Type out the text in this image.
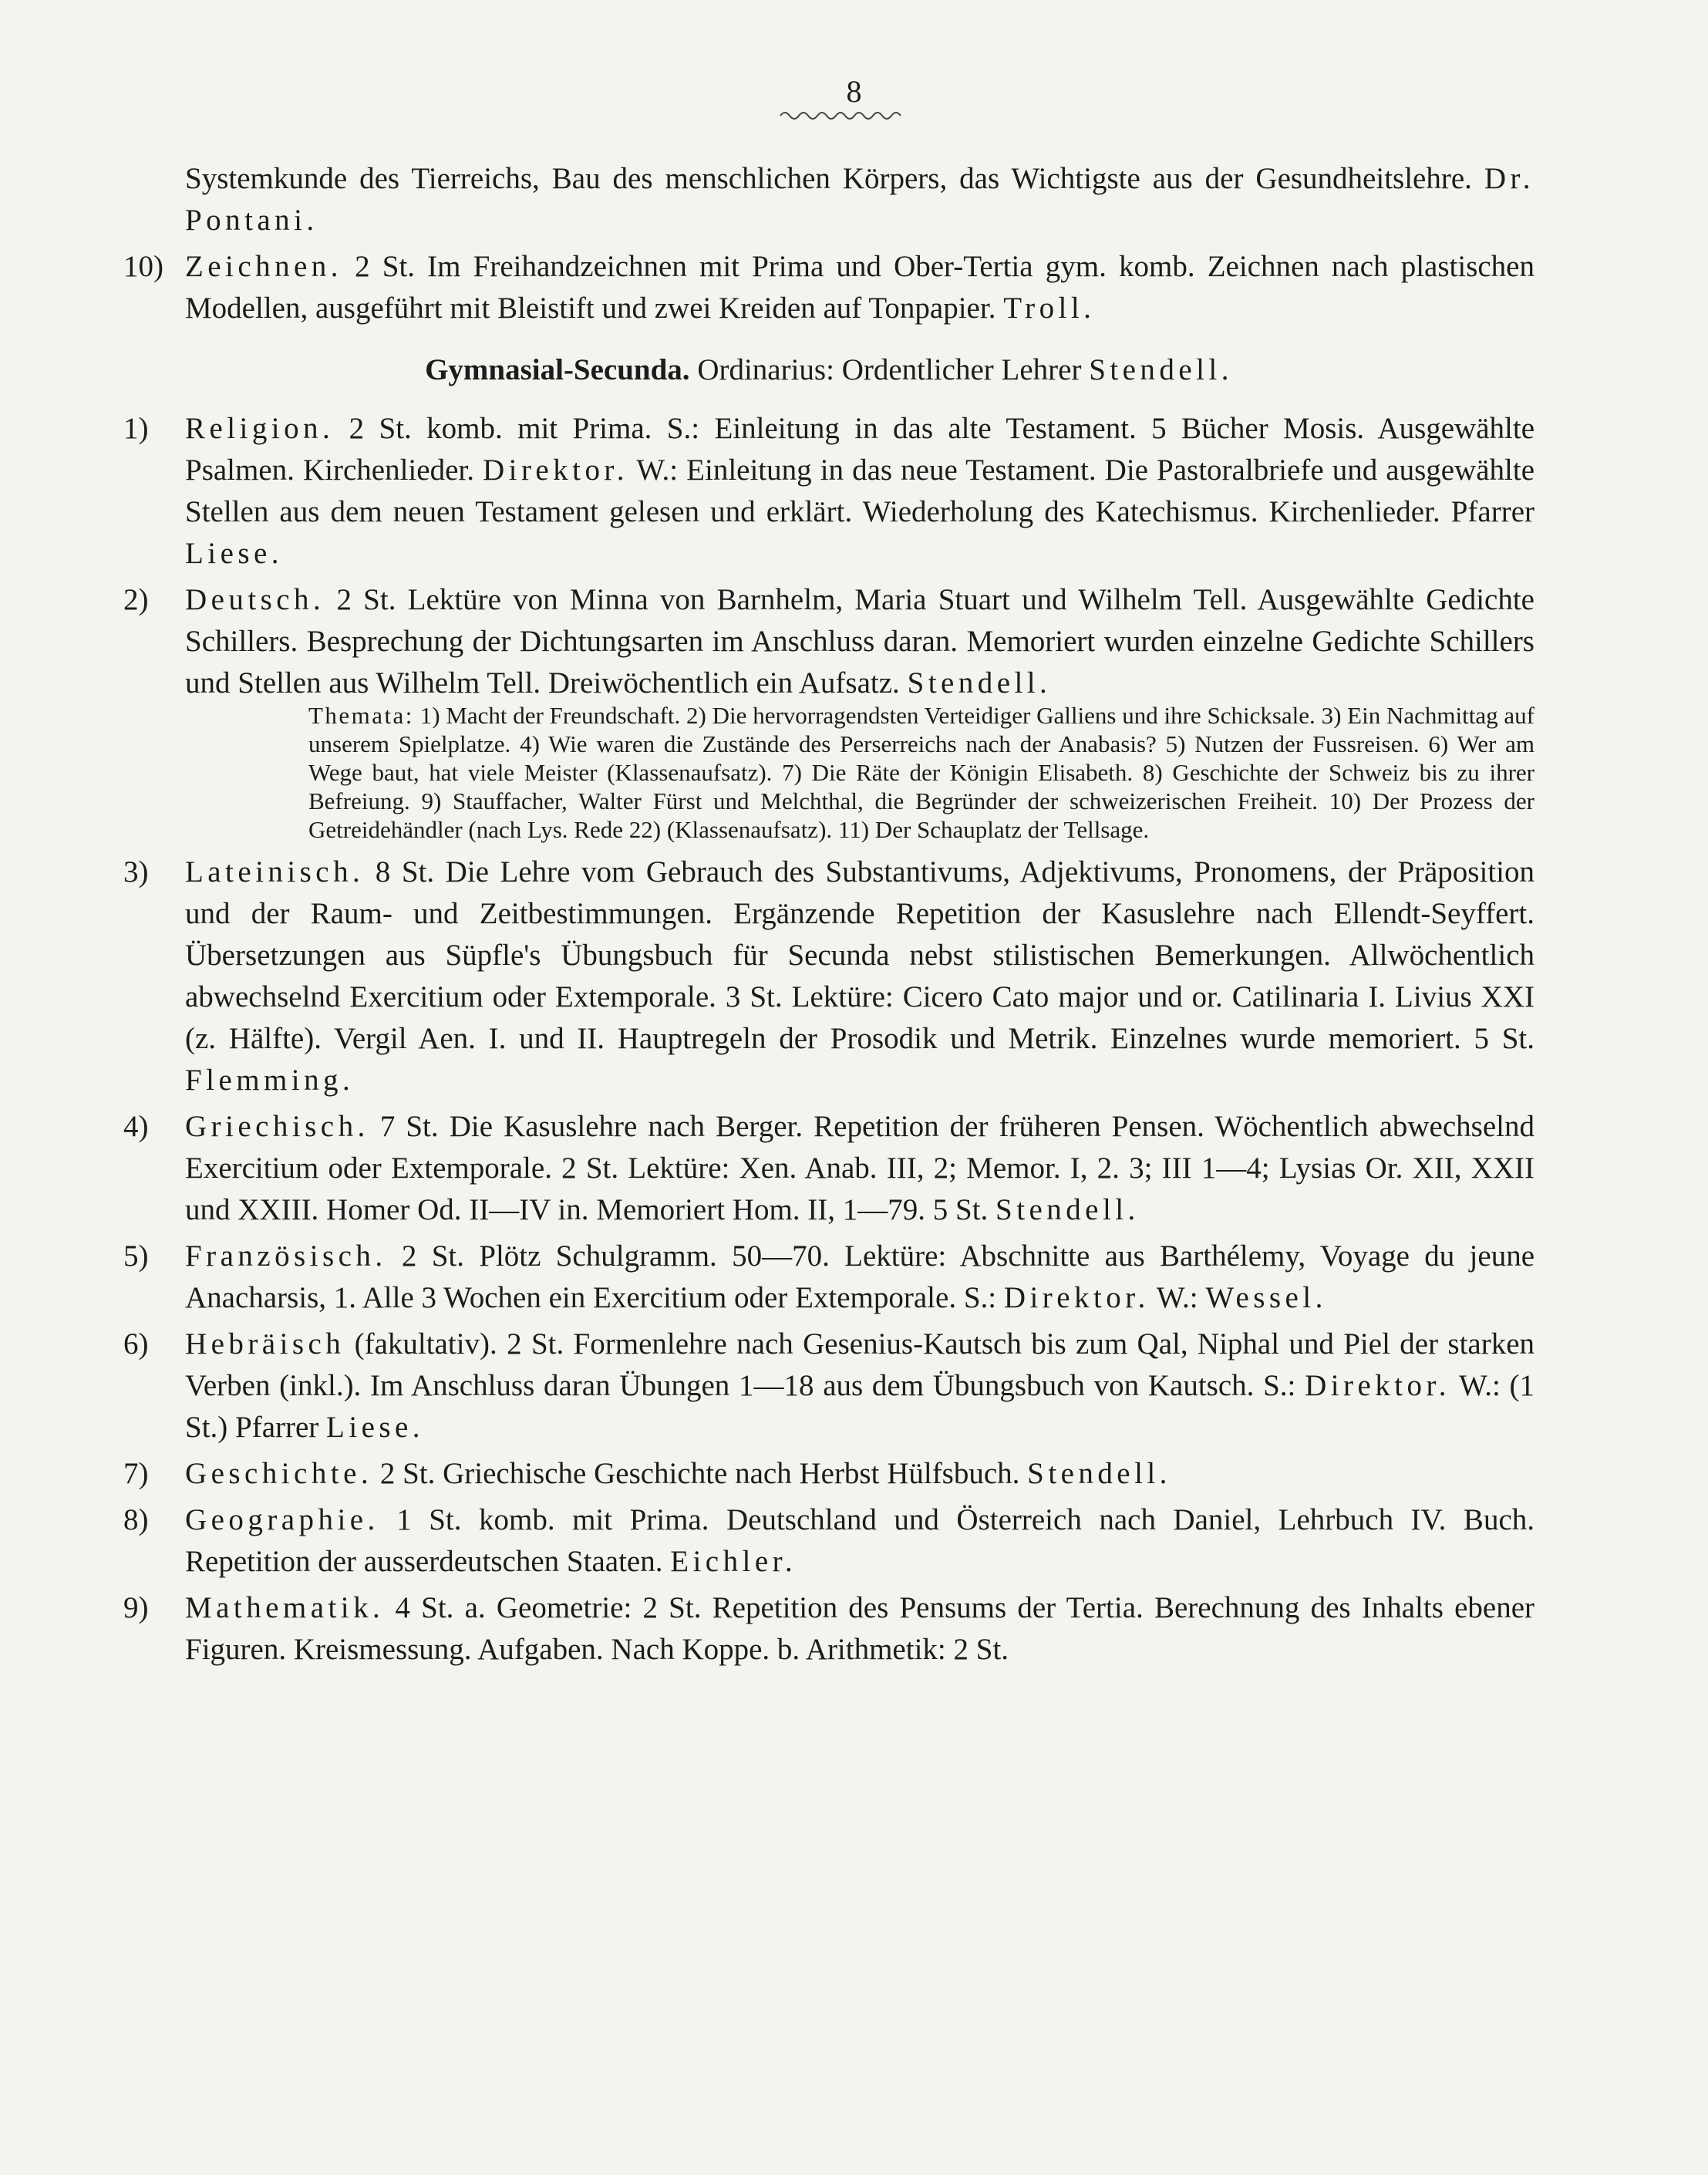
8
Systemkunde des Tierreichs, Bau des menschlichen Körpers, das Wichtigste aus der Gesundheitslehre. Dr. Pontani.
10) Zeichnen. 2 St. Im Freihandzeichnen mit Prima und Ober-Tertia gym. komb. Zeichnen nach plastischen Modellen, ausgeführt mit Bleistift und zwei Kreiden auf Tonpapier. Troll.
Gymnasial-Secunda. Ordinarius: Ordentlicher Lehrer Stendell.
1)	Religion. 2 St. komb. mit Prima. S.: Einleitung in das alte Testament. 5 Bücher Mosis. Ausgewählte Psalmen. Kirchenlieder. Direktor. W.: Einleitung in das neue Testament. Die Pastoralbriefe und ausgewählte Stellen aus dem neuen Testament gelesen und erklärt. Wiederholung des Katechismus. Kirchenlieder. Pfarrer Liese.
2)	Deutsch. 2 St. Lektüre von Minna von Barnhelm, Maria Stuart und Wilhelm Tell. Ausgewählte Gedichte Schillers. Besprechung der Dichtungsarten im Anschluss daran. Memoriert wurden einzelne Gedichte Schillers und Stellen aus Wilhelm Tell. Dreiwöchentlich ein Aufsatz. Stendell.
Themata: 1) Macht der Freundschaft. 2) Die hervorragendsten Verteidiger Galliens und ihre Schicksale. 3) Ein Nachmittag auf unserem Spielplatze. 4) Wie waren die Zustände des Perserreichs nach der Anabasis? 5) Nutzen der Fussreisen. 6) Wer am Wege baut, hat viele Meister (Klassenaufsatz). 7) Die Räte der Königin Elisabeth. 8) Geschichte der Schweiz bis zu ihrer Befreiung. 9) Stauffacher, Walter Fürst und Melchthal, die Begründer der schweizerischen Freiheit. 10) Der Prozess der Getreidehändler (nach Lys. Rede 22) (Klassenaufsatz). 11) Der Schauplatz der Tellsage.
3)	Lateinisch. 8 St. Die Lehre vom Gebrauch des Substantivums, Adjektivums, Pronomens, der Präposition und der Raum- und Zeitbestimmungen. Ergänzende Repetition der Kasuslehre nach Ellendt-Seyffert. Übersetzungen aus Süpfle's Übungsbuch für Secunda nebst stilistischen Bemerkungen. Allwöchentlich abwechselnd Exercitium oder Extemporale. 3 St. Lektüre: Cicero Cato major und or. Catilinaria I. Livius XXI (z. Hälfte). Vergil Aen. I. und II. Hauptregeln der Prosodik und Metrik. Einzelnes wurde memoriert. 5 St. Flemming.
4)	Griechisch. 7 St. Die Kasuslehre nach Berger. Repetition der früheren Pensen. Wöchentlich abwechselnd Exercitium oder Extemporale. 2 St. Lektüre: Xen. Anab. III, 2; Memor. I, 2. 3; III 1—4; Lysias Or. XII, XXII und XXIII. Homer Od. II—IV in. Memoriert Hom. II, 1—79. 5 St. Stendell.
5)	Französisch. 2 St. Plötz Schulgramm. 50—70. Lektüre: Abschnitte aus Barthélemy, Voyage du jeune Anacharsis, 1. Alle 3 Wochen ein Exercitium oder Extemporale. S.: Direktor. W.: Wessel.
6)	Hebräisch (fakultativ). 2 St. Formenlehre nach Gesenius-Kautsch bis zum Qal, Niphal und Piel der starken Verben (inkl.). Im Anschluss daran Übungen 1—18 aus dem Übungsbuch von Kautsch. S.: Direktor. W.: (1 St.) Pfarrer Liese.
7)	Geschichte. 2 St. Griechische Geschichte nach Herbst Hülfsbuch. Stendell.
8)	Geographie. 1 St. komb. mit Prima. Deutschland und Österreich nach Daniel, Lehrbuch IV. Buch. Repetition der ausserdeutschen Staaten. Eichler.
9)	Mathematik. 4 St. a. Geometrie: 2 St. Repetition des Pensums der Tertia. Berechnung des Inhalts ebener Figuren. Kreismessung. Aufgaben. Nach Koppe. b. Arithmetik: 2 St.
